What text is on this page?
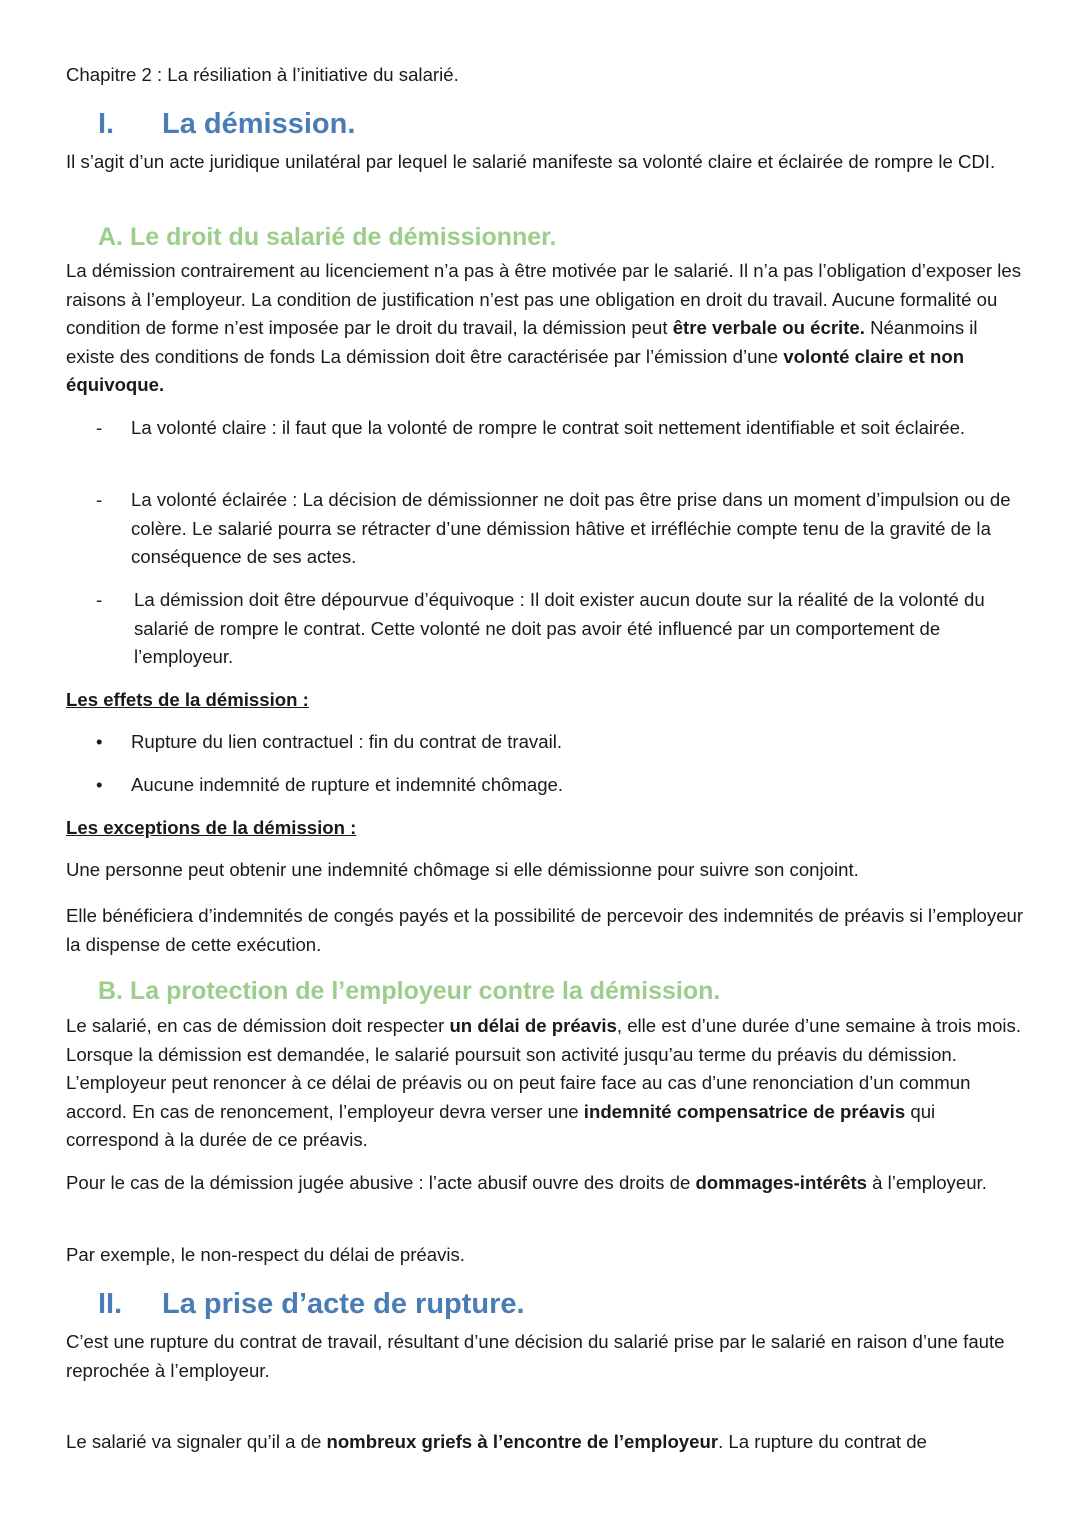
Chapitre 2 : La résiliation à l’initiative du salarié.
I. La démission.
Il s’agit d’un acte juridique unilatéral par lequel le salarié manifeste sa volonté claire et éclairée de rompre le CDI.
A. Le droit du salarié de démissionner.
La démission contrairement au licenciement n’a pas à être motivée par le salarié. Il n’a pas l’obligation d’exposer les raisons à l’employeur. La condition de justification n’est pas une obligation en droit du travail. Aucune formalité ou condition de forme n’est imposée par le droit du travail, la démission peut être verbale ou écrite. Néanmoins il existe des conditions de fonds La démission doit être caractérisée par l’émission d’une volonté claire et non équivoque.
-	La volonté claire : il faut que la volonté de rompre le contrat soit nettement identifiable et soit éclairée.
-	La volonté éclairée : La décision de démissionner ne doit pas être prise dans un moment d’impulsion ou de colère. Le salarié pourra se rétracter d’une démission hâtive et irréfléchie compte tenu de la gravité de la conséquence de ses actes.
-	La démission doit être dépourvue d’équivoque : Il doit exister aucun doute sur la réalité de la volonté du salarié de rompre le contrat. Cette volonté ne doit pas avoir été influencé par un comportement de l’employeur.
Les effets de la démission :
•	Rupture du lien contractuel : fin du contrat de travail.
•	Aucune indemnité de rupture et indemnité chômage.
Les exceptions de la démission :
Une personne peut obtenir une indemnité chômage si elle démissionne pour suivre son conjoint.
Elle bénéficiera d’indemnités de congés payés et la possibilité de percevoir des indemnités de préavis si l’employeur la dispense de cette exécution.
B. La protection de l’employeur contre la démission.
Le salarié, en cas de démission doit respecter un délai de préavis, elle est d’une durée d’une semaine à trois mois. Lorsque la démission est demandée, le salarié poursuit son activité jusqu’au terme du préavis du démission. L’employeur peut renoncer à ce délai de préavis ou on peut faire face au cas d’une renonciation d’un commun accord. En cas de renoncement, l’employeur devra verser une indemnité compensatrice de préavis qui correspond à la durée de ce préavis.
Pour le cas de la démission jugée abusive : l’acte abusif ouvre des droits de dommages-intérêts à l’employeur.
Par exemple, le non-respect du délai de préavis.
II. La prise d’acte de rupture.
C’est une rupture du contrat de travail, résultant d’une décision du salarié prise par le salarié en raison d’une faute reprochée à l’employeur.
Le salarié va signaler qu’il a de nombreux griefs à l’encontre de l’employeur. La rupture du contrat de
